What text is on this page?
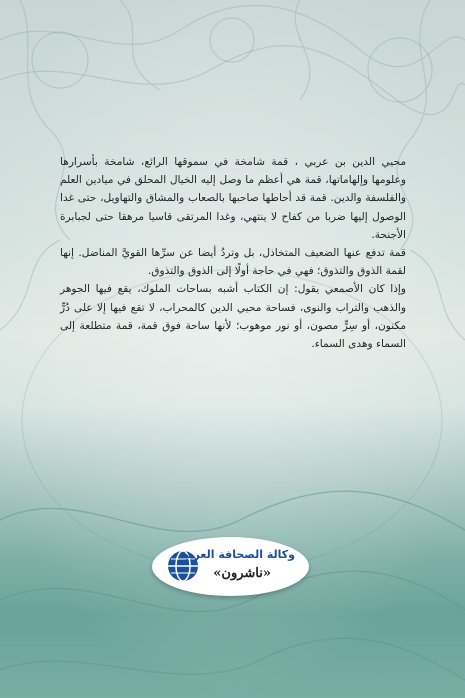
محيي الدين بن عربي ، قمة شامخة في سموقها الرائع، شامخة بأسرارها وعلومها وإلهاماتها، قمة هي أعظم ما وصل إليه الخيال المحلق في ميادين العلم والفلسفة والدين. قمة قد أحاطها صاحبها بالصعاب والمشاق والتهاويل، حتى غدا الوصول إليها ضربا من كفاح لا ينتهي، وغدا المرتقى قاسيا مرهقا حتى لجبابرة الأجنحة.

قمة تدفع عنها الضعيف المتخاذل، بل وتردُ أيضا عن سرِّها القويَّ المناضل. إنها لقمة الذوق والتذوق؛ فهي في حاجة أولًا إلى الذوق والتذوق.

وإذا كان الأصمعي يقول: إن الكتاب أشبه بساحات الملوك، يقع فيها الجوهر والذهب والتراب والنوى، فساحة محيي الدين كالمحراب، لا تقع فيها إلا على دُرٍّ مكنون، أو سِرٍّ مصون، أو نور موهوب؛ لأنها ساحة فوق قمة، قمة متطلعة إلى السماء وهدى السماء.

وكالة الصحافة العربية
«ناشرون»
